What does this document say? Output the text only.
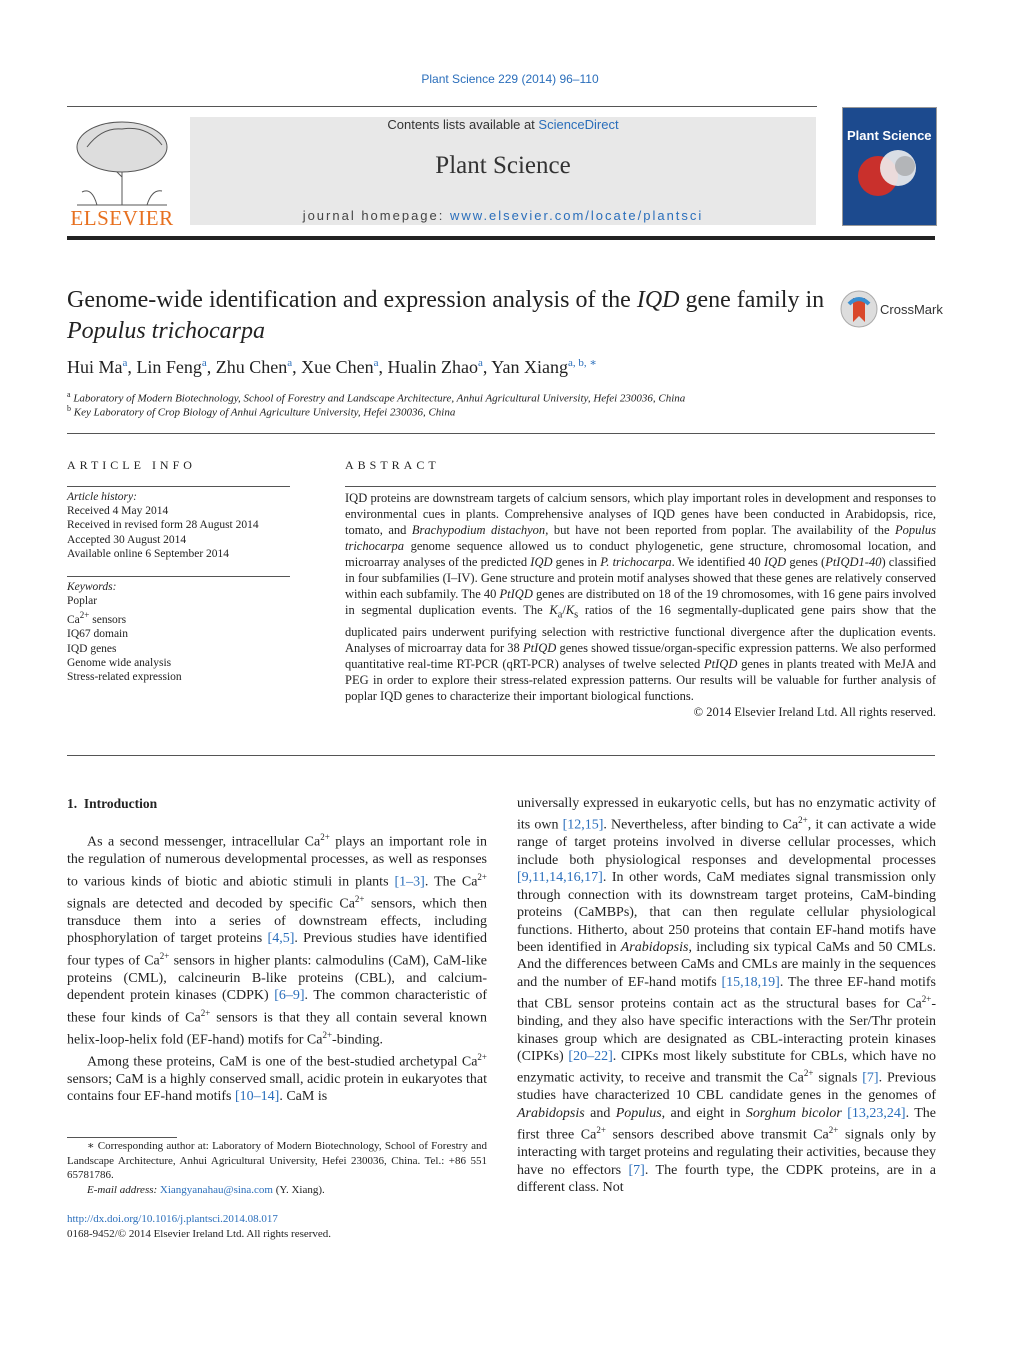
Plant Science 229 (2014) 96–110
ELSEVIER
Contents lists available at ScienceDirect
Plant Science
journal homepage: www.elsevier.com/locate/plantsci
Plant Science
Genome-wide identification and expression analysis of the IQD gene family in Populus trichocarpa
CrossMark
Hui Ma$^a$, Lin Feng$^a$, Zhu Chen$^a$, Xue Chen$^a$, Hualin Zhao$^a$, Yan Xiang$^{a, b, ∗}$
$^a$ Laboratory of Modern Biotechnology, School of Forestry and Landscape Architecture, Anhui Agricultural University, Hefei 230036, China
$^b$ Key Laboratory of Crop Biology of Anhui Agriculture University, Hefei 230036, China
ARTICLE INFO
Article history:
Received 4 May 2014
Received in revised form 28 August 2014
Accepted 30 August 2014
Available online 6 September 2014
Keywords:
Poplar
$Ca^{2+}$ sensors
IQ67 domain
IQD genes
Genome wide analysis
Stress-related expression
ABSTRACT
IQD proteins are downstream targets of calcium sensors, which play important roles in development and responses to environmental cues in plants. Comprehensive analyses of IQD genes have been conducted in Arabidopsis, rice, tomato, and Brachypodium distachyon, but have not been reported from poplar. The availability of the Populus trichocarpa genome sequence allowed us to conduct phylogenetic, gene structure, chromosomal location, and microarray analyses of the predicted IQD genes in P. trichocarpa. We identified 40 IQD genes (PtIQD1-40) classified in four subfamilies (I–IV). Gene structure and protein motif analyses showed that these genes are relatively conserved within each subfamily. The 40 PtIQD genes are distributed on 18 of the 19 chromosomes, with 16 gene pairs involved in segmental duplication events. The $K_a/K_s$ ratios of the 16 segmentally-duplicated gene pairs show that the duplicated pairs underwent purifying selection with restrictive functional divergence after the duplication events. Analyses of microarray data for 38 PtIQD genes showed tissue/organ-specific expression patterns. We also performed quantitative real-time RT-PCR (qRT-PCR) analyses of twelve selected PtIQD genes in plants treated with MeJA and PEG in order to explore their stress-related expression patterns. Our results will be valuable for further analysis of poplar IQD genes to characterize their important biological functions.
© 2014 Elsevier Ireland Ltd. All rights reserved.

1. Introduction

As a second messenger, intracellular $Ca^{2+}$ plays an important role in the regulation of numerous developmental processes, as well as responses to various kinds of biotic and abiotic stimuli in plants [1–3]. The $Ca^{2+}$ signals are detected and decoded by specific $Ca^{2+}$ sensors, which then transduce them into a series of downstream effects, including phosphorylation of target proteins [4,5]. Previous studies have identified four types of $Ca^{2+}$ sensors in higher plants: calmodulins (CaM), CaM-like proteins (CML), calcineurin B-like proteins (CBL), and calcium-dependent protein kinases (CDPK) [6–9]. The common characteristic of these four kinds of $Ca^{2+}$ sensors is that they all contain several known helix-loop-helix fold (EF-hand) motifs for $Ca^{2+}$-binding.

Among these proteins, CaM is one of the best-studied archetypal $Ca^{2+}$ sensors; CaM is a highly conserved small, acidic protein in eukaryotes that contains four EF-hand motifs [10–14]. CaM is

∗ Corresponding author at: Laboratory of Modern Biotechnology, School of Forestry and Landscape Architecture, Anhui Agricultural University, Hefei 230036, China. Tel.: +86 551 65781786.
E-mail address: Xiangyanahau@sina.com (Y. Xiang).
http://dx.doi.org/10.1016/j.plantsci.2014.08.017
0168-9452/© 2014 Elsevier Ireland Ltd. All rights reserved.

universally expressed in eukaryotic cells, but has no enzymatic activity of its own [12,15]. Nevertheless, after binding to $Ca^{2+}$, it can activate a wide range of target proteins involved in diverse cellular processes, which include both physiological responses and developmental processes [9,11,14,16,17]. In other words, CaM mediates signal transmission only through connection with its downstream target proteins, CaM-binding proteins (CaMBPs), that can then regulate cellular physiological functions. Hitherto, about 250 proteins that contain EF-hand motifs have been identified in Arabidopsis, including six typical CaMs and 50 CMLs. And the differences between CaMs and CMLs are mainly in the sequences and the number of EF-hand motifs [15,18,19]. The three EF-hand motifs that CBL sensor proteins contain act as the structural bases for $Ca^{2+}$-binding, and they also have specific interactions with the Ser/Thr protein kinases group which are designated as CBL-interacting protein kinases (CIPKs) [20–22]. CIPKs most likely substitute for CBLs, which have no enzymatic activity, to receive and transmit the $Ca^{2+}$ signals [7]. Previous studies have characterized 10 CBL candidate genes in the genomes of Arabidopsis and Populus, and eight in Sorghum bicolor [13,23,24]. The first three $Ca^{2+}$ sensors described above transmit $Ca^{2+}$ signals only by interacting with target proteins and regulating their activities, because they have no effectors [7]. The fourth type, the CDPK proteins, are in a different class. Not
